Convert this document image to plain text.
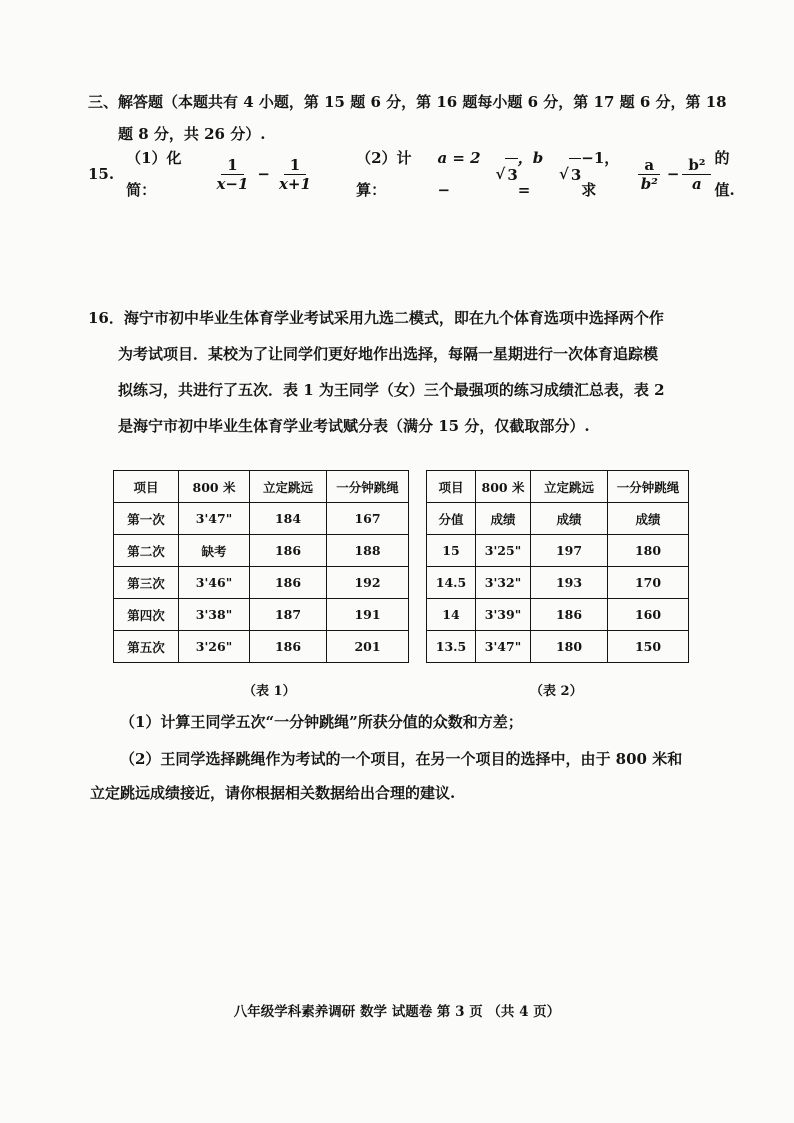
三、解答题（本题共有 4 小题，第 15 题 6 分，第 16 题每小题 6 分，第 17 题 6 分，第 18
题 8 分，共 26 分）.
15.
（1）化简：	$\frac{1}{x-1} - \frac{1}{x+1}$	（2）计算：
a = 2 −
√ 3
，b =
√ 3
−1，求	$\frac{a}{\text{b²}} - \frac{\text{b²}}{a}$ 的值.
16．海宁市初中毕业生体育学业考试采用九选二模式，即在九个体育选项中选择两个作
为考试项目．某校为了让同学们更好地作出选择，每隔一星期进行一次体育追踪模
拟练习，共进行了五次．表 1 为王同学（女）三个最强项的练习成绩汇总表，表 2
是海宁市初中毕业生体育学业考试赋分表（满分 15 分，仅截取部分）.
项目	800 米	立定跳远	一分钟跳绳
第一次	3'47"	184	167
第二次	缺考	186	188
第三次	3'46"	186	192
第四次	3'38"	187	191
第五次	3'26"	186	201
项目	800 米	立定跳远	一分钟跳绳
分值	成绩	成绩	成绩
15	3'25"	197	180
14.5	3'32"	193	170
14	3'39"	186	160
13.5	3'47"	180	150
（表 1）	（表 2）
（1）计算王同学五次“一分钟跳绳”所获分值的众数和方差；
（2）王同学选择跳绳作为考试的一个项目，在另一个项目的选择中，由于 800 米和
立定跳远成绩接近，请你根据相关数据给出合理的建议.
八年级学科素养调研 数学 试题卷 第 3 页 （共 4 页）
